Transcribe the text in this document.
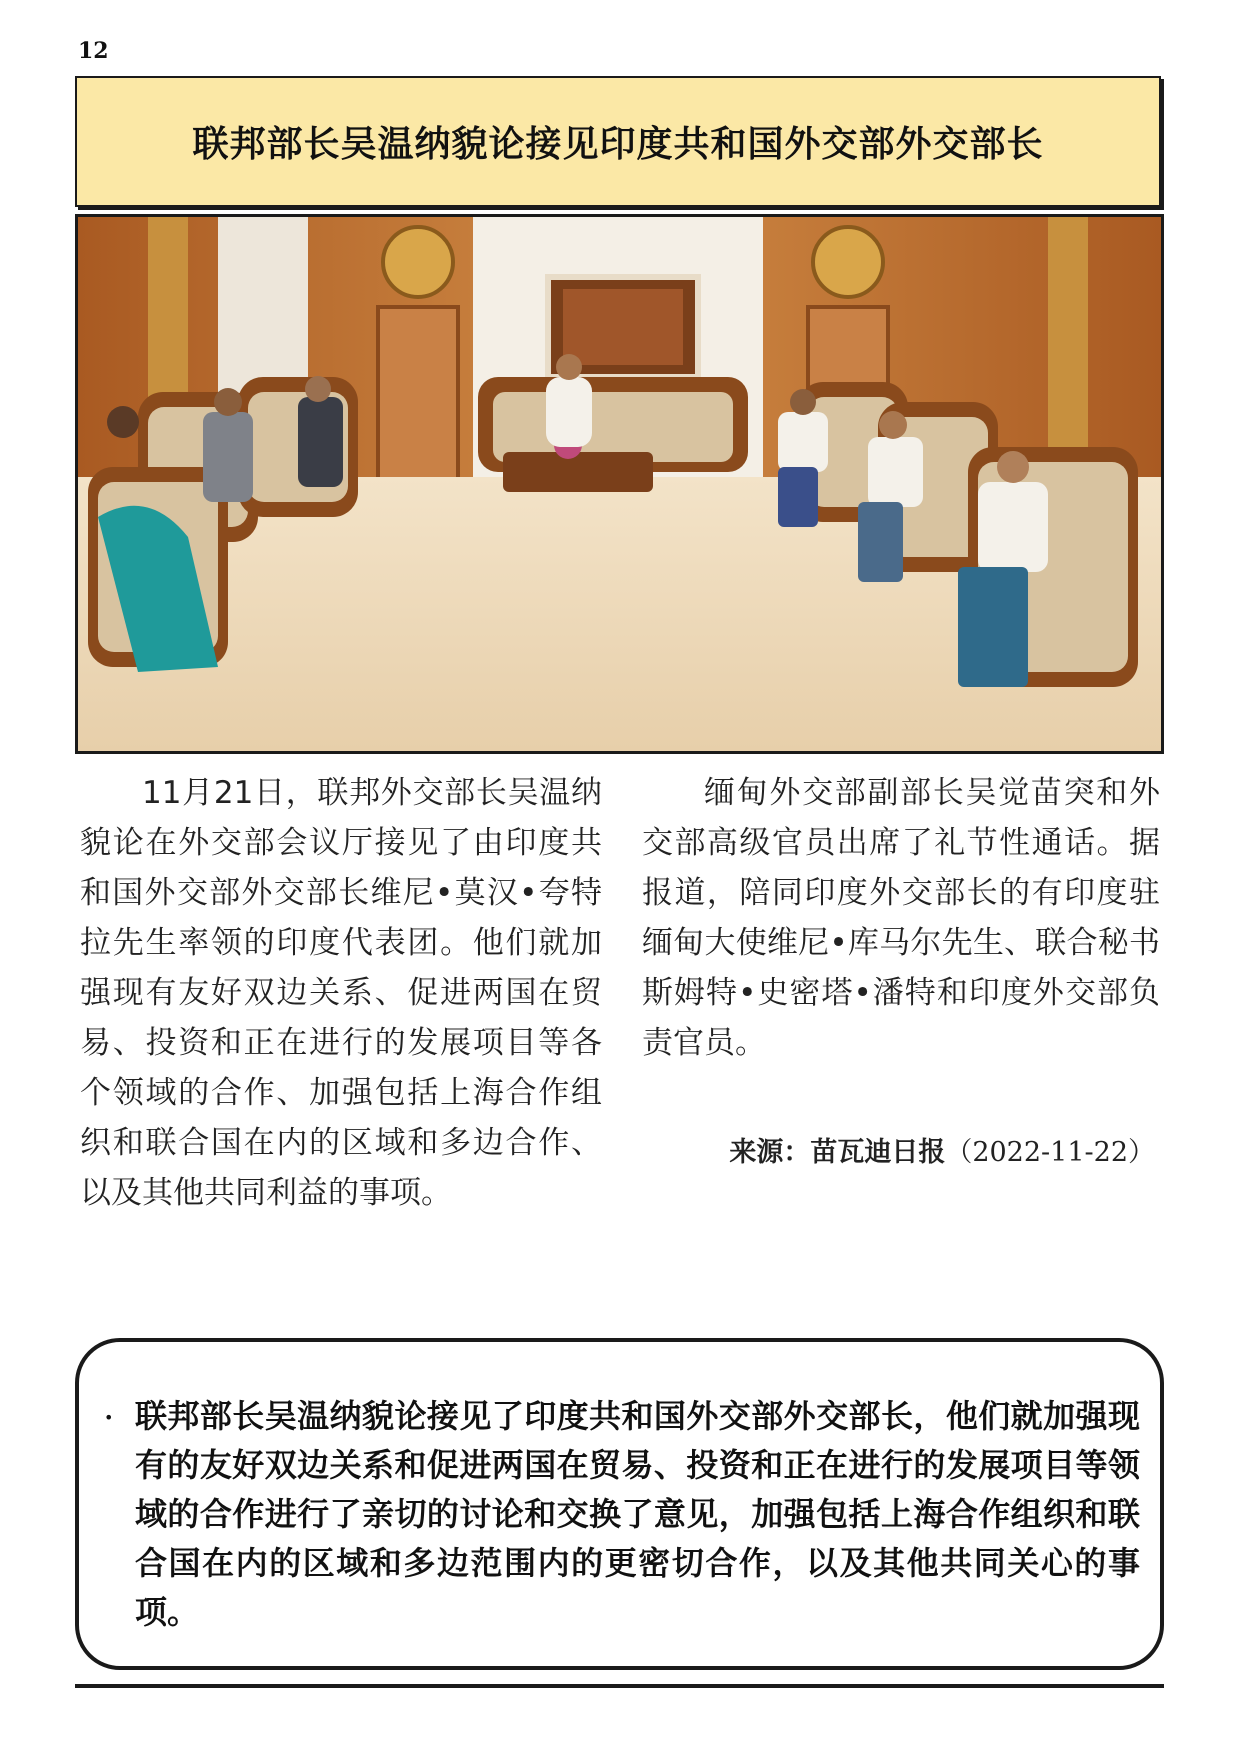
12
联邦部长吴温纳貌论接见印度共和国外交部外交部长

11月21日，联邦外交部长吴温纳貌论在外交部会议厅接见了由印度共和国外交部外交部长维尼•莫汉•夸特拉先生率领的印度代表团。他们就加强现有友好双边关系、促进两国在贸易、投资和正在进行的发展项目等各个领域的合作、加强包括上海合作组织和联合国在内的区域和多边合作、以及其他共同利益的事项。

缅甸外交部副部长吴觉苗突和外交部高级官员出席了礼节性通话。据报道，陪同印度外交部长的有印度驻缅甸大使维尼•库马尔先生、联合秘书斯姆特•史密塔•潘特和印度外交部负责官员。

来源：苗瓦迪日报（2022-11-22）
• 联邦部长吴温纳貌论接见了印度共和国外交部外交部长，他们就加强现有的友好双边关系和促进两国在贸易、投资和正在进行的发展项目等领域的合作进行了亲切的讨论和交换了意见，加强包括上海合作组织和联合国在内的区域和多边范围内的更密切合作，以及其他共同关心的事项。
